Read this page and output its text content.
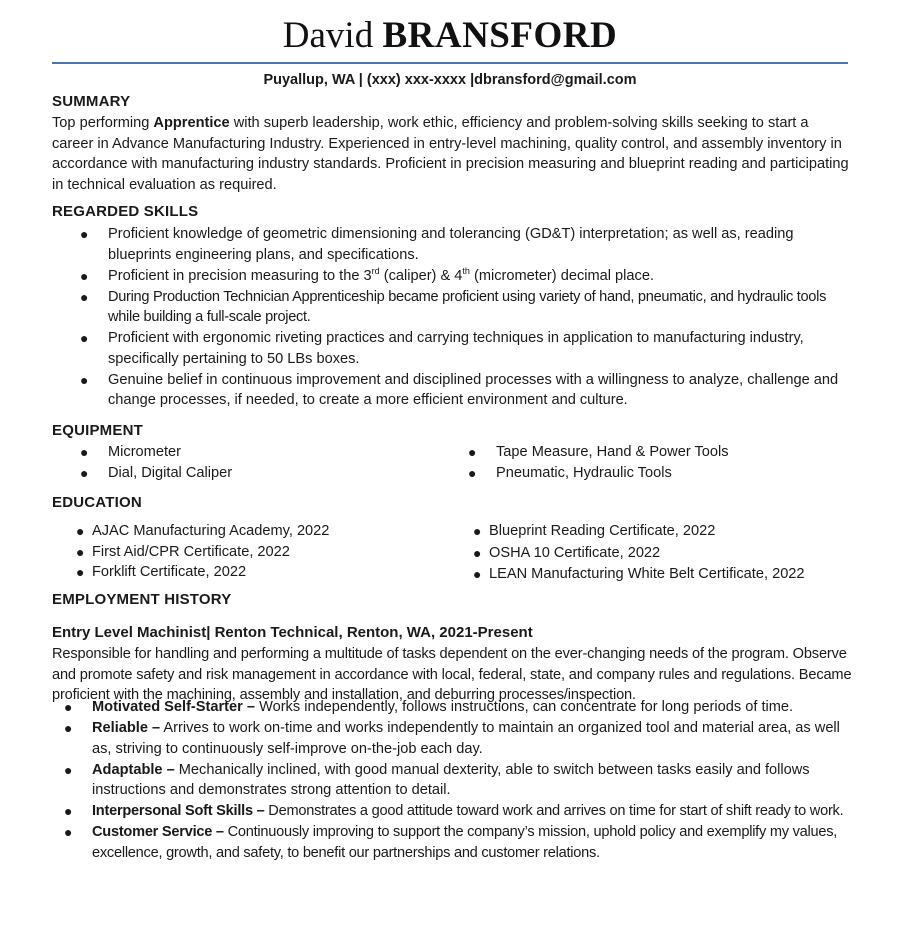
David BRANSFORD
Puyallup, WA | (xxx) xxx-xxxx |dbransford@gmail.com
SUMMARY

Top performing Apprentice with superb leadership, work ethic, efficiency and problem-solving skills seeking to start a career in Advance Manufacturing Industry. Experienced in entry-level machining, quality control, and assembly inventory in accordance with manufacturing industry standards. Proficient in precision measuring and blueprint reading and participating in technical evaluation as required.

REGARDED SKILLS
● Proficient knowledge of geometric dimensioning and tolerancing (GD&T) interpretation; as well as, reading blueprints engineering plans, and specifications.
● Proficient in precision measuring to the 3rd (caliper) & 4th (micrometer) decimal place.
● During Production Technician Apprenticeship became proficient using variety of hand, pneumatic, and hydraulic tools while building a full-scale project.
● Proficient with ergonomic riveting practices and carrying techniques in application to manufacturing industry, specifically pertaining to 50 LBs boxes.
● Genuine belief in continuous improvement and disciplined processes with a willingness to analyze, challenge and change processes, if needed, to create a more efficient environment and culture.
EQUIPMENT
● Micrometer
● Dial, Digital Caliper
● Tape Measure, Hand & Power Tools
● Pneumatic, Hydraulic Tools
EDUCATION
● AJAC Manufacturing Academy, 2022
● First Aid/CPR Certificate, 2022
● Forklift Certificate, 2022
● Blueprint Reading Certificate, 2022
● OSHA 10 Certificate, 2022
● LEAN Manufacturing White Belt Certificate, 2022
EMPLOYMENT HISTORY
Entry Level Machinist| Renton Technical, Renton, WA, 2021-Present

Responsible for handling and performing a multitude of tasks dependent on the ever-changing needs of the program. Observe and promote safety and risk management in accordance with local, federal, state, and company rules and regulations. Became proficient with the machining, assembly and installation, and deburring processes/inspection.

● Motivated Self-Starter – Works independently, follows instructions, can concentrate for long periods of time.
● Reliable – Arrives to work on-time and works independently to maintain an organized tool and material area, as well as, striving to continuously self-improve on-the-job each day.
● Adaptable – Mechanically inclined, with good manual dexterity, able to switch between tasks easily and follows instructions and demonstrates strong attention to detail.
● Interpersonal Soft Skills – Demonstrates a good attitude toward work and arrives on time for start of shift ready to work.
● Customer Service – Continuously improving to support the company’s mission, uphold policy and exemplify my values, excellence, growth, and safety, to benefit our partnerships and customer relations.
